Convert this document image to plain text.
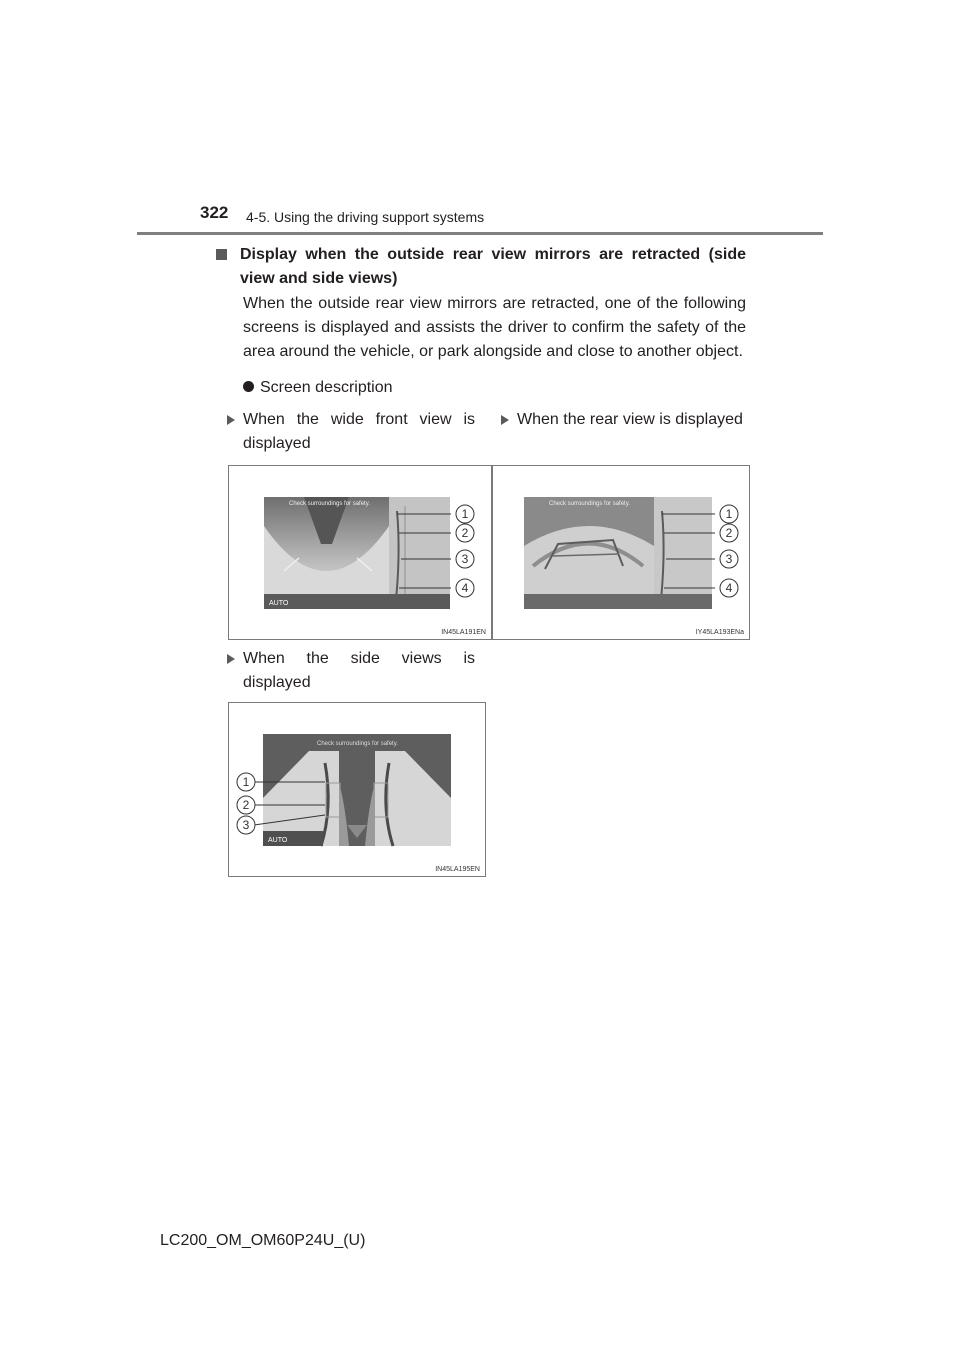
322 4-5. Using the driving support systems
Display when the outside rear view mirrors are retracted (side view and side views)
When the outside rear view mirrors are retracted, one of the following screens is displayed and assists the driver to confirm the safety of the area around the vehicle, or park alongside and close to another object.
Screen description
When the wide front view is displayed
When the rear view is displayed
AUTO
Check surroundings for safety.
1
2
3
4
IN45LA191EN
Check surroundings for safety.
1
2
3
4
IY45LA193ENa
When the side views is displayed
AUTO
Check surroundings for safety.
1
2
3
IN45LA195EN
LC200_OM_OM60P24U_(U)
